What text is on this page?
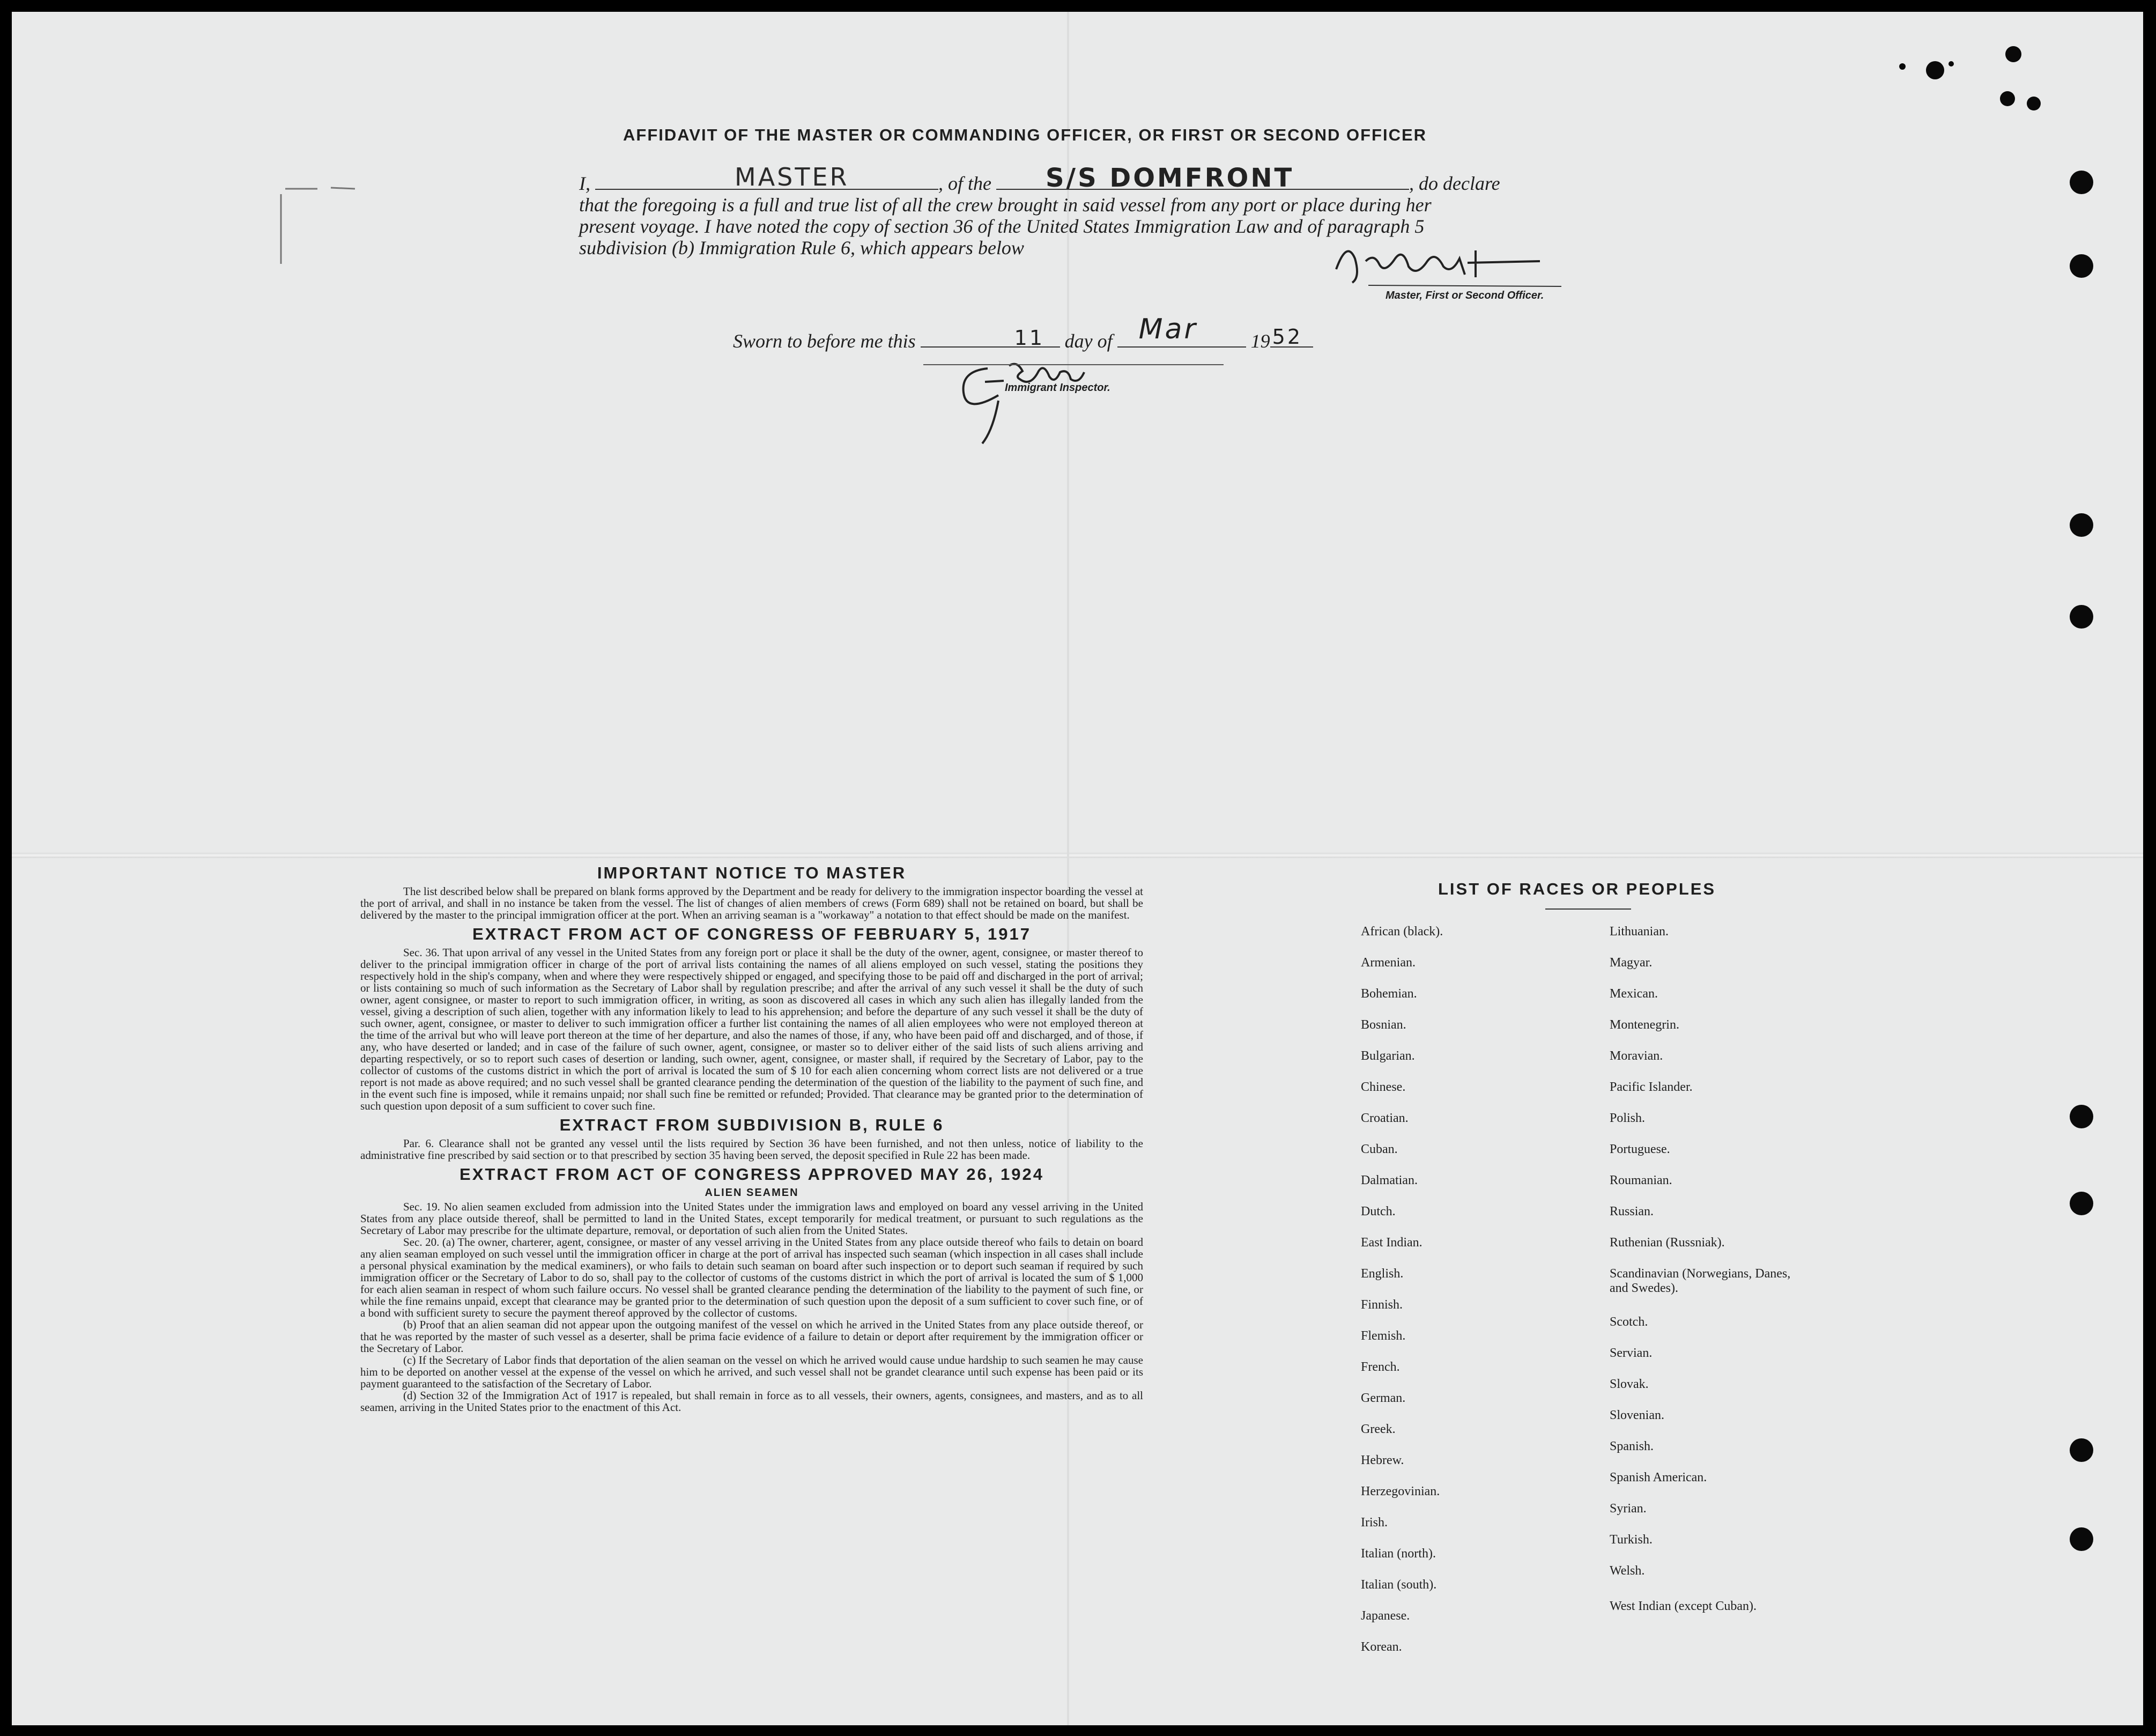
AFFIDAVIT OF THE MASTER OR COMMANDING OFFICER, OR FIRST OR SECOND OFFICER
I,	MASTER	, of the S/S DOMFRONT	, do declare
that the foregoing is a full and true list of all the crew brought in said vessel from any port or place during her
present voyage. I have noted the copy of section 36 of the United States Immigration Law and of paragraph 5
subdivision (b) Immigration Rule 6, which appears below
Master, First or Second Officer.
Sworn to before me this	11 day of Mar	19 52
Immigrant Inspector.
IMPORTANT NOTICE TO MASTER

The list described below shall be prepared on blank forms approved by the Department and be ready for delivery to the immigration inspector boarding the vessel at the port of arrival, and shall in no instance be taken from the vessel. The list of changes of alien members of crews (Form 689) shall not be retained on board, but shall be delivered by the master to the principal immigration officer at the port. When an arriving seaman is a "workaway" a notation to that effect should be made on the manifest.

EXTRACT FROM ACT OF CONGRESS OF FEBRUARY 5, 1917

Sec. 36. That upon arrival of any vessel in the United States from any foreign port or place it shall be the duty of the owner, agent, consignee, or master thereof to deliver to the principal immigration officer in charge of the port of arrival lists containing the names of all aliens employed on such vessel, stating the positions they respectively hold in the ship's company, when and where they were respectively shipped or engaged, and specifying those to be paid off and discharged in the port of arrival; or lists containing so much of such information as the Secretary of Labor shall by regulation prescribe; and after the arrival of any such vessel it shall be the duty of such owner, agent consignee, or master to report to such immigration officer, in writing, as soon as discovered all cases in which any such alien has illegally landed from the vessel, giving a description of such alien, together with any information likely to lead to his apprehension; and before the departure of any such vessel it shall be the duty of such owner, agent, consignee, or master to deliver to such immigration officer a further list containing the names of all alien employees who were not employed thereon at the time of the arrival but who will leave port thereon at the time of her departure, and also the names of those, if any, who have been paid off and discharged, and of those, if any, who have deserted or landed; and in case of the failure of such owner, agent, consignee, or master so to deliver either of the said lists of such aliens arriving and departing respectively, or so to report such cases of desertion or landing, such owner, agent, consignee, or master shall, if required by the Secretary of Labor, pay to the collector of customs of the customs district in which the port of arrival is located the sum of $ 10 for each alien concerning whom correct lists are not delivered or a true report is not made as above required; and no such vessel shall be granted clearance pending the determination of the question of the liability to the payment of such fine, and in the event such fine is imposed, while it remains unpaid; nor shall such fine be remitted or refunded; Provided. That clearance may be granted prior to the determination of such question upon deposit of a sum sufficient to cover such fine.

EXTRACT FROM SUBDIVISION B, RULE 6

Par. 6. Clearance shall not be granted any vessel until the lists required by Section 36 have been furnished, and not then unless, notice of liability to the administrative fine prescribed by said section or to that prescribed by section 35 having been served, the deposit specified in Rule 22 has been made.

EXTRACT FROM ACT OF CONGRESS APPROVED MAY 26, 1924
ALIEN SEAMEN

Sec. 19. No alien seamen excluded from admission into the United States under the immigration laws and employed on board any vessel arriving in the United States from any place outside thereof, shall be permitted to land in the United States, except temporarily for medical treatment, or pursuant to such regulations as the Secretary of Labor may prescribe for the ultimate departure, removal, or deportation of such alien from the United States.

Sec. 20. (a) The owner, charterer, agent, consignee, or master of any vessel arriving in the United States from any place outside thereof who fails to detain on board any alien seaman employed on such vessel until the immigration officer in charge at the port of arrival has inspected such seaman (which inspection in all cases shall include a personal physical examination by the medical examiners), or who fails to detain such seaman on board after such inspection or to deport such seaman if required by such immigration officer or the Secretary of Labor to do so, shall pay to the collector of customs of the customs district in which the port of arrival is located the sum of $ 1,000 for each alien seaman in respect of whom such failure occurs. No vessel shall be granted clearance pending the determination of the liability to the payment of such fine, or while the fine remains unpaid, except that clearance may be granted prior to the determination of such question upon the deposit of a sum sufficient to cover such fine, or of a bond with sufficient surety to secure the payment thereof approved by the collector of customs.

(b) Proof that an alien seaman did not appear upon the outgoing manifest of the vessel on which he arrived in the United States from any place outside thereof, or that he was reported by the master of such vessel as a deserter, shall be prima facie evidence of a failure to detain or deport after requirement by the immigration officer or the Secretary of Labor.

(c) If the Secretary of Labor finds that deportation of the alien seaman on the vessel on which he arrived would cause undue hardship to such seamen he may cause him to be deported on another vessel at the expense of the vessel on which he arrived, and such vessel shall not be grandet clearance until such expense has been paid or its payment guaranteed to the satisfaction of the Secretary of Labor.

(d) Section 32 of the Immigration Act of 1917 is repealed, but shall remain in force as to all vessels, their owners, agents, consignees, and masters, and as to all seamen, arriving in the United States prior to the enactment of this Act.

LIST OF RACES OR PEOPLES
African (black).
Armenian.
Bohemian.
Bosnian.
Bulgarian.
Chinese.
Croatian.
Cuban.
Dalmatian.
Dutch.
East Indian.
English.
Finnish.
Flemish.
French.
German.
Greek.
Hebrew.
Herzegovinian.
Irish.
Italian (north).
Italian (south).
Japanese.
Korean.
Lithuanian.
Magyar.
Mexican.
Montenegrin.
Moravian.
Pacific Islander.
Polish.
Portuguese.
Roumanian.
Russian.
Ruthenian (Russniak).
Scandinavian (Norwegians, Danes, and Swedes).
Scotch.
Servian.
Slovak.
Slovenian.
Spanish.
Spanish American.
Syrian.
Turkish.
Welsh.
West Indian (except Cuban).
